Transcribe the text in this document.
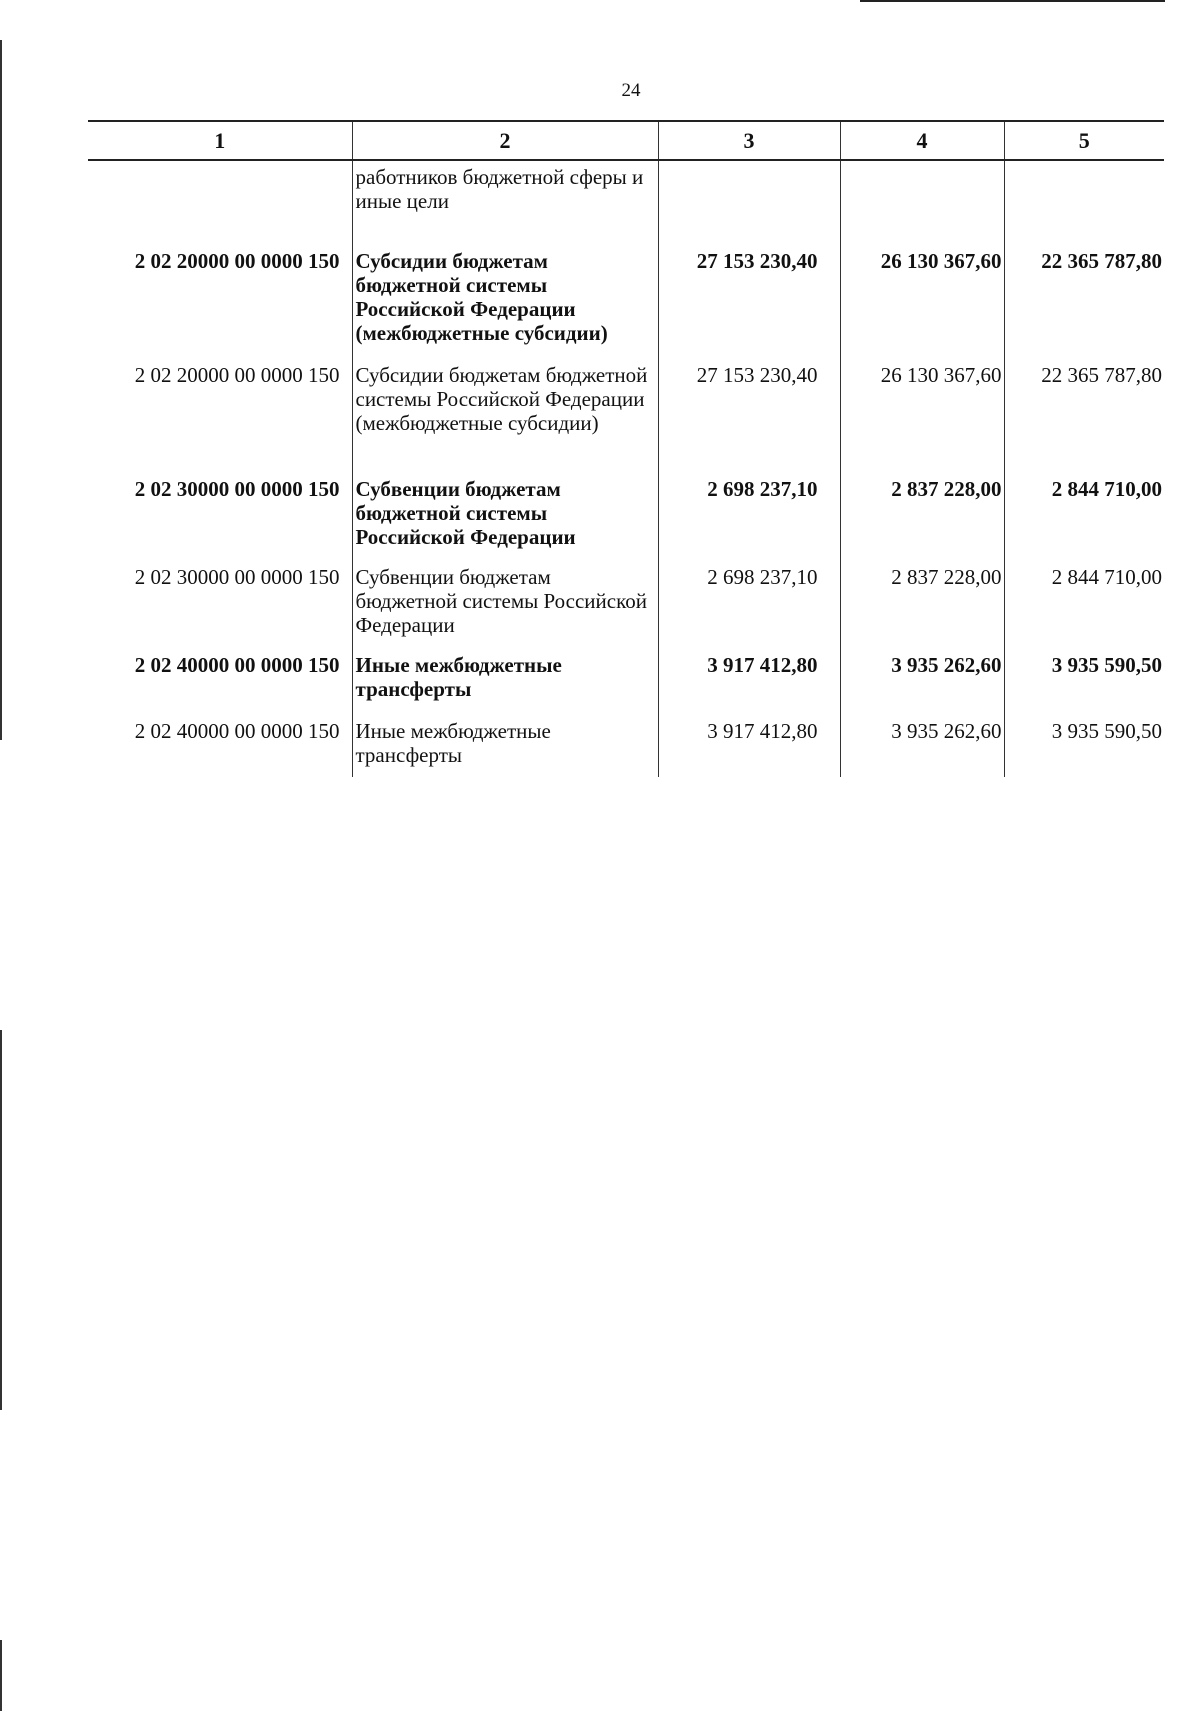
24
1	2	3	4	5
	работников бюджетной сферы и иные цели			
2 02 20000 00 0000 150	Субсидии бюджетам бюджетной системы Российской Федерации (межбюджетные субсидии)	27 153 230,40	26 130 367,60	22 365 787,80
2 02 20000 00 0000 150	Субсидии бюджетам бюджетной системы Российской Федерации (межбюджетные субсидии)	27 153 230,40	26 130 367,60	22 365 787,80
2 02 30000 00 0000 150	Субвенции бюджетам бюджетной системы Российской Федерации	2 698 237,10	2 837 228,00	2 844 710,00
2 02 30000 00 0000 150	Субвенции бюджетам бюджетной системы Российской Федерации	2 698 237,10	2 837 228,00	2 844 710,00
2 02 40000 00 0000 150	Иные межбюджетные трансферты	3 917 412,80	3 935 262,60	3 935 590,50
2 02 40000 00 0000 150	Иные межбюджетные трансферты	3 917 412,80	3 935 262,60	3 935 590,50
